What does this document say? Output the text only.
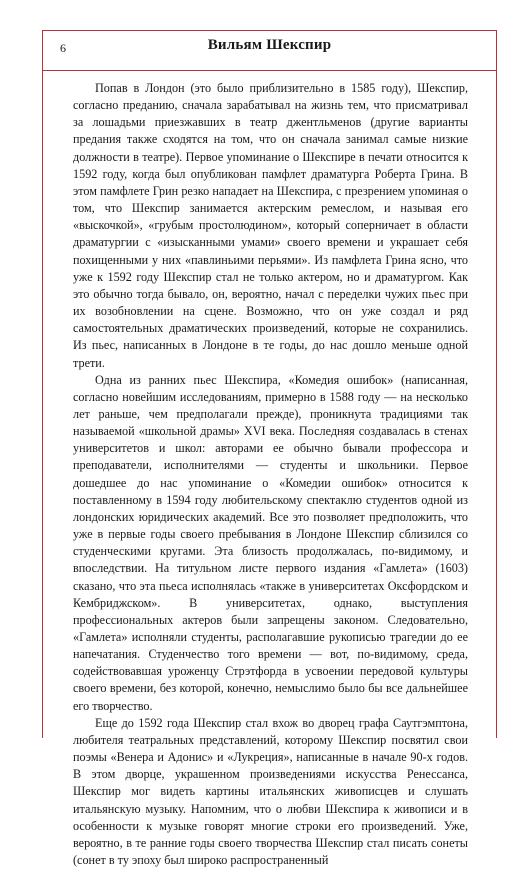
6	Вильям Шекспир

Попав в Лондон (это было приблизительно в 1585 году), Шекспир, согласно преданию, сначала зарабатывал на жизнь тем, что присматривал за лошадьми приезжавших в театр джентльменов (другие варианты предания также сходятся на том, что он сначала занимал самые низкие должности в театре). Первое упоминание о Шекспире в печати относится к 1592 году, когда был опубликован памфлет драматурга Роберта Грина. В этом памфлете Грин резко нападает на Шекспира, с презрением упоминая о том, что Шекспир занимается актерским ремеслом, и называя его «выскочкой», «грубым простолюдином», который соперничает в области драматургии с «изысканными умами» своего времени и украшает себя похищенными у них «павлиньими перьями». Из памфлета Грина ясно, что уже к 1592 году Шекспир стал не только актером, но и драматургом. Как это обычно тогда бывало, он, вероятно, начал с переделки чужих пьес при их возобновлении на сцене. Возможно, что он уже создал и ряд самостоятельных драматических произведений, которые не сохранились. Из пьес, написанных в Лондоне в те годы, до нас дошло меньше одной трети.

Одна из ранних пьес Шекспира, «Комедия ошибок» (написанная, согласно новейшим исследованиям, примерно в 1588 году — на несколько лет раньше, чем предполагали прежде), проникнута традициями так называемой «школьной драмы» XVI века. Последняя создавалась в стенах университетов и школ: авторами ее обычно бывали профессора и преподаватели, исполнителями — студенты и школьники. Первое дошедшее до нас упоминание о «Комедии ошибок» относится к поставленному в 1594 году любительскому спектаклю студентов одной из лондонских юридических академий. Все это позволяет предположить, что уже в первые годы своего пребывания в Лондоне Шекспир сблизился со студенческими кругами. Эта близость продолжалась, по-видимому, и впоследствии. На титульном листе первого издания «Гамлета» (1603) сказано, что эта пьеса исполнялась «также в университетах Оксфордском и Кембриджском». В университетах, однако, выступления профессиональных актеров были запрещены законом. Следовательно, «Гамлета» исполняли студенты, располагавшие рукописью трагедии до ее напечатания. Студенчество того времени — вот, по-видимому, среда, содействовавшая уроженцу Стрэтфорда в усвоении передовой культуры своего времени, без которой, конечно, немыслимо было бы все дальнейшее его творчество.

Еще до 1592 года Шекспир стал вхож во дворец графа Саутгэмптона, любителя театральных представлений, которому Шекспир посвятил свои поэмы «Венера и Адонис» и «Лукреция», написанные в начале 90-х годов. В этом дворце, украшенном произведениями искусства Ренессанса, Шекспир мог видеть картины итальянских живописцев и слушать итальянскую музыку. Напомним, что о любви Шекспира к живописи и в особенности к музыке говорят многие строки его произведений. Уже, вероятно, в те ранние годы своего творчества Шекспир стал писать сонеты (сонет в ту эпоху был широко распространенный
